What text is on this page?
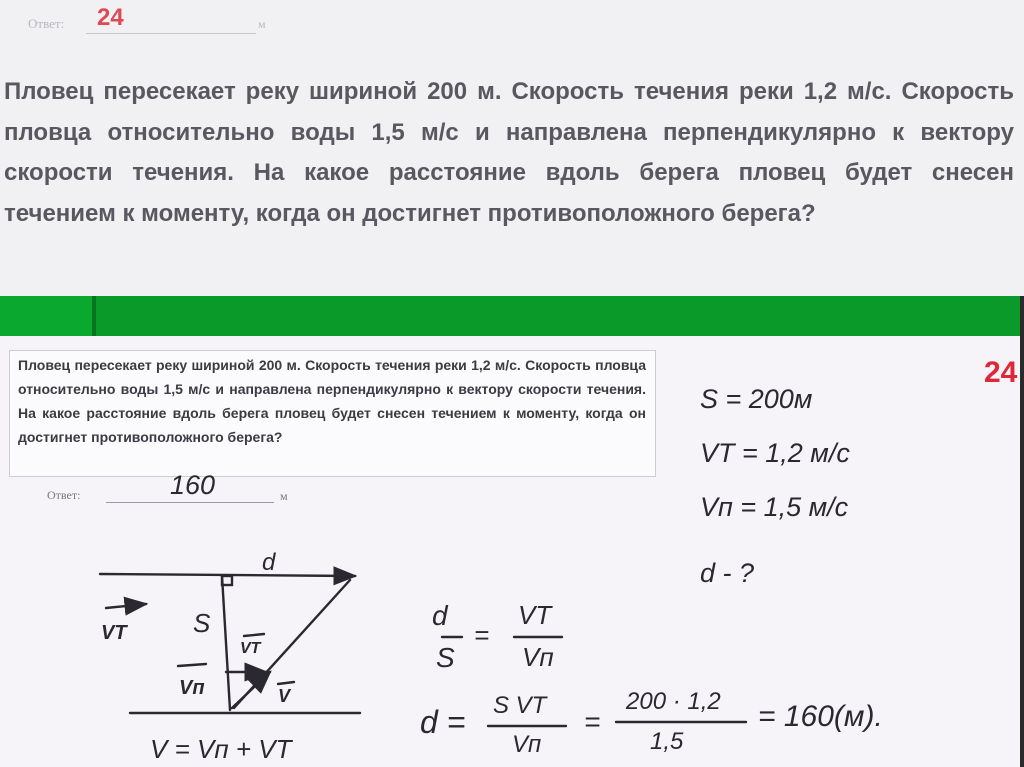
Ответ: 24	м

Пловец пересекает реку шириной 200 м. Скорость течения реки 1,2 м/с. Скорость пловца относительно воды 1,5 м/с и направлена перпендикулярно к вектору скорости течения. На какое расстояние вдоль берега пловец будет снесен течением к моменту, когда он достигнет противоположного берега?

Пловец пересекает реку шириной 200 м. Скорость течения реки 1,2 м/с. Скорость пловца относительно воды 1,5 м/с и направлена перпендикулярно к вектору скорости течения. На какое расстояние вдоль берега пловец будет снесен течением к моменту, когда он достигнет противоположного берега?

Ответ:	160	м
24

S = 200м

VT = 1,2 м/с

Vп = 1,5 м/с

d - ?

d
S
VT
VT
Vп	V
V = Vп + VT
d
S
=
VT
Vп
d = S VT
Vп
=
200 · 1,2
1,5
= 160(м).
